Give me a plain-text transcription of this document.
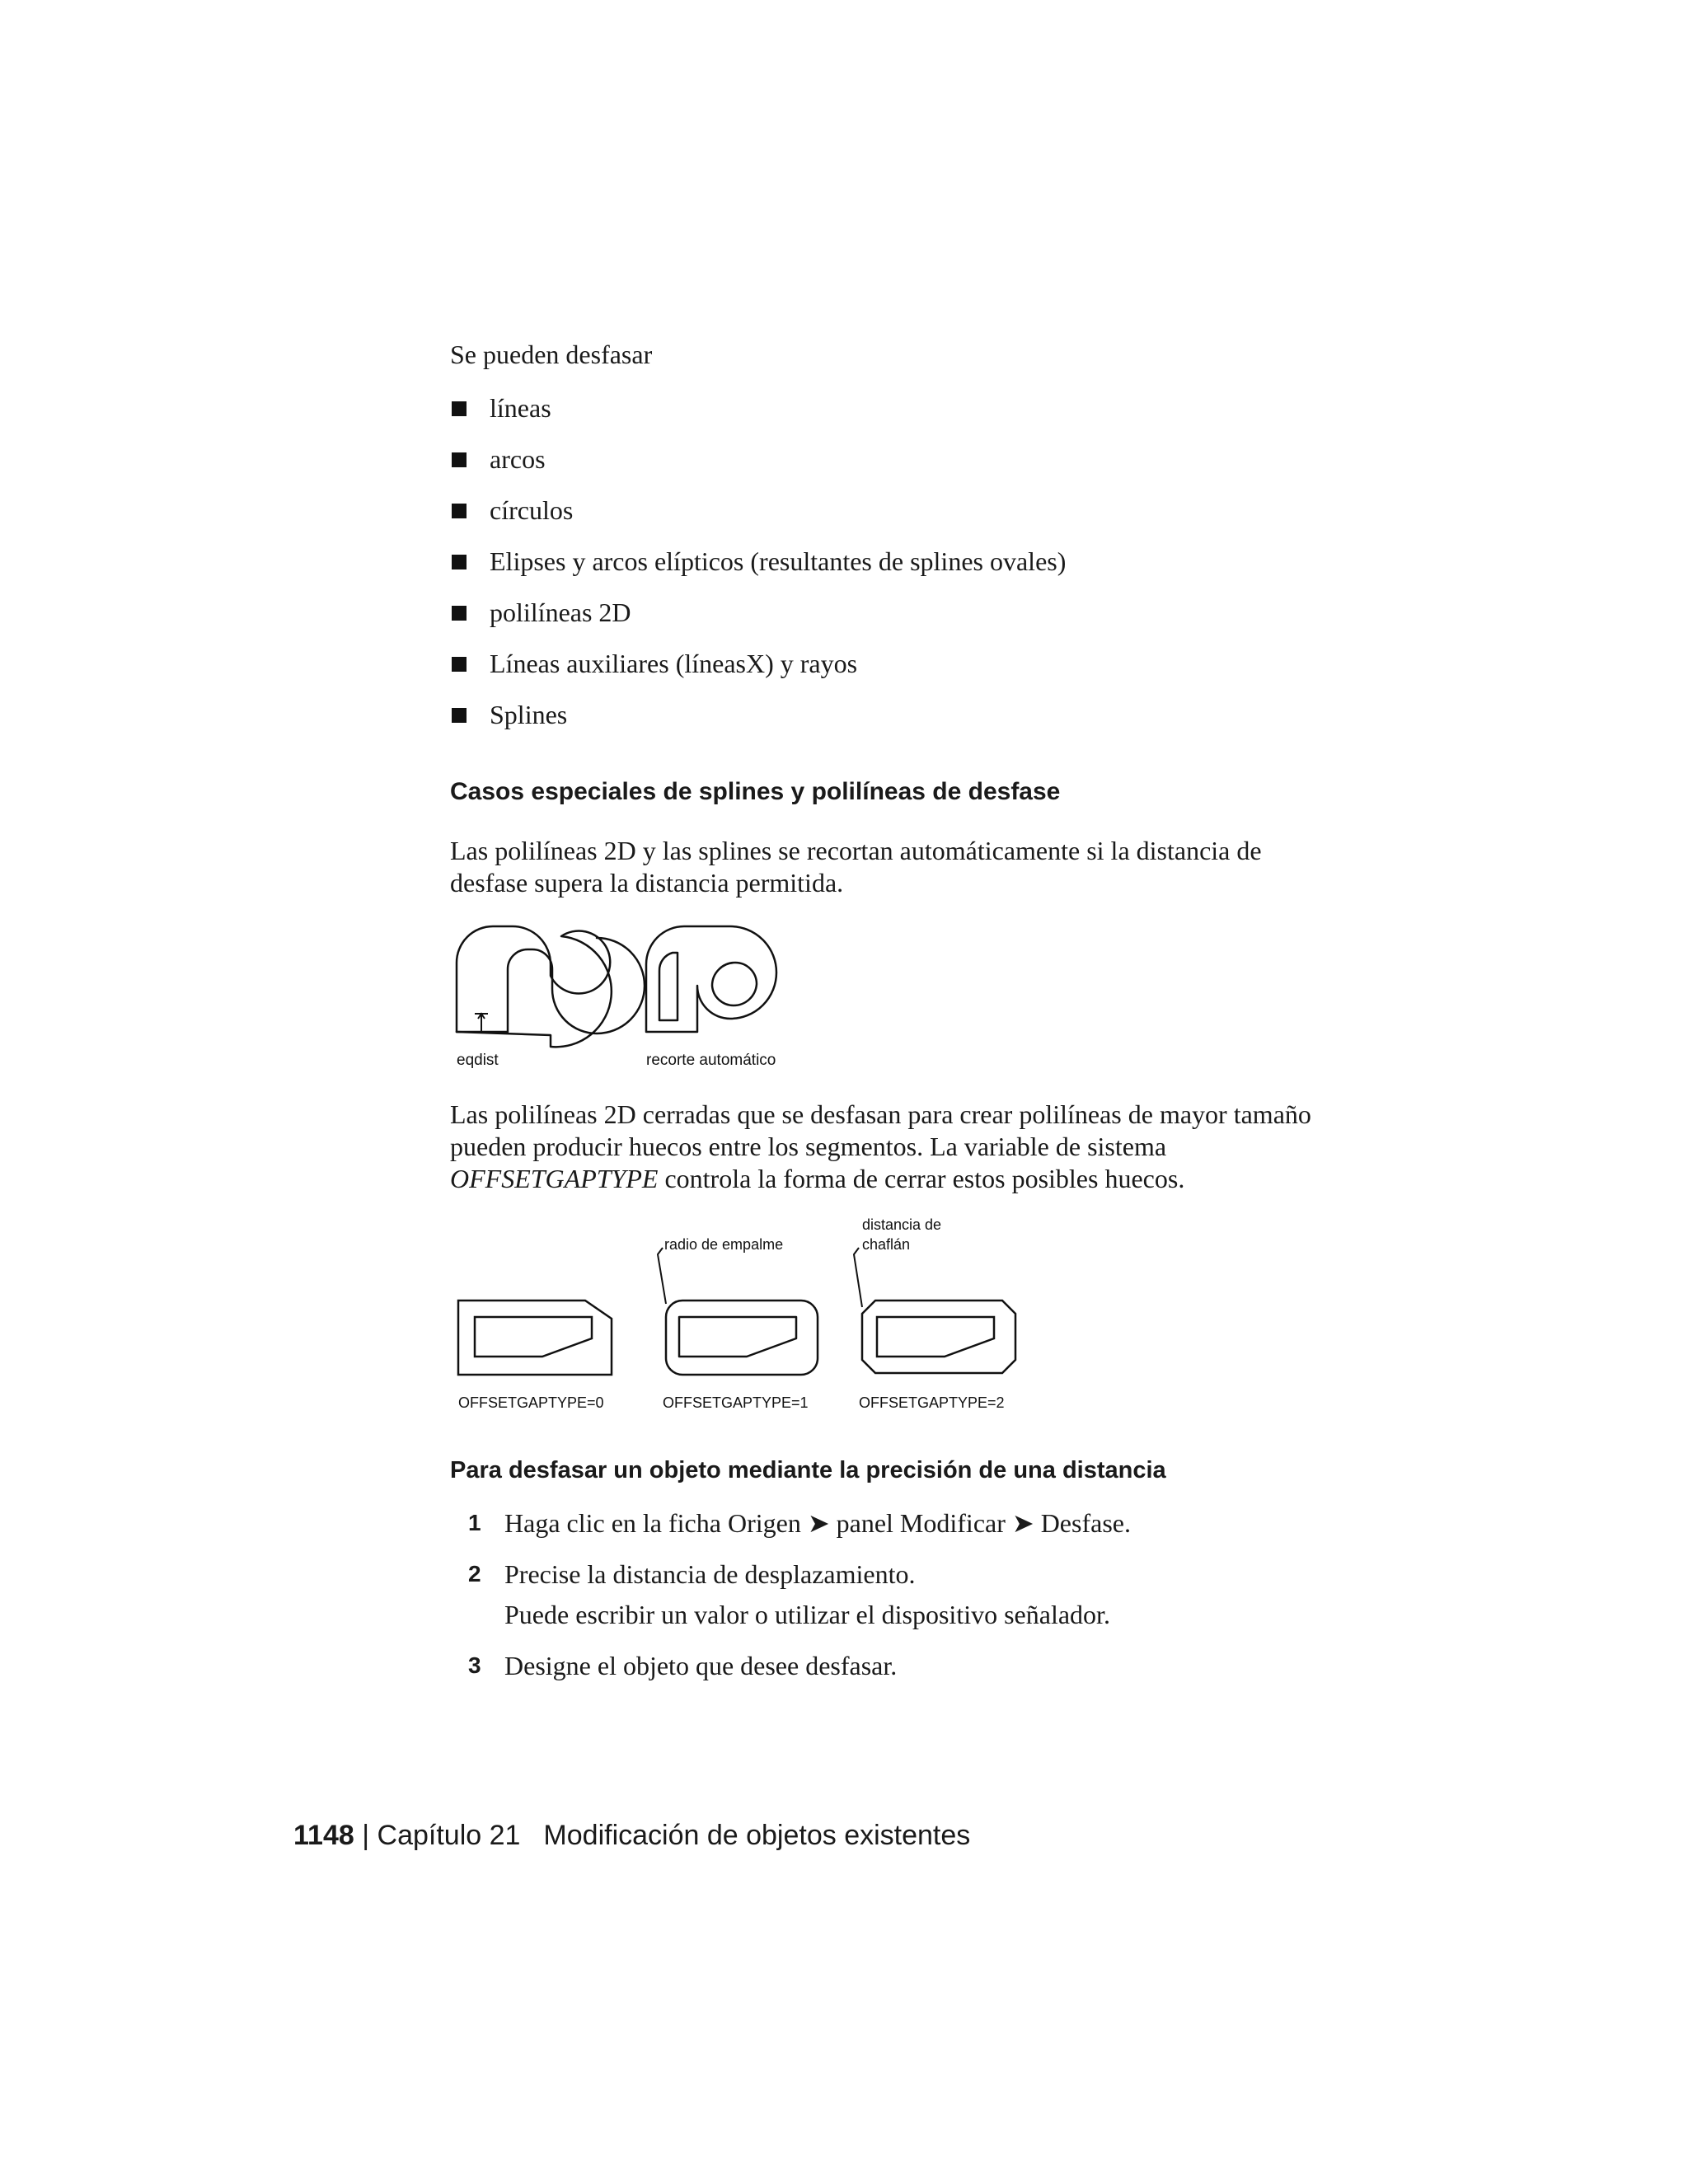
Se pueden desfasar
líneas
arcos
círculos
Elipses y arcos elípticos (resultantes de splines ovales)
polilíneas 2D
Líneas auxiliares (líneasX) y rayos
Splines
Casos especiales de splines y polilíneas de desfase

Las polilíneas 2D y las splines se recortan automáticamente si la distancia de desfase supera la distancia permitida.

eqdist	recorte automático

Las polilíneas 2D cerradas que se desfasan para crear polilíneas de mayor tamaño pueden producir huecos entre los segmentos. La variable de sistema OFFSETGAPTYPE controla la forma de cerrar estos posibles huecos.

radio de empalme
distancia de
chaflán
OFFSETGAPTYPE=0	OFFSETGAPTYPE=1	OFFSETGAPTYPE=2
Para desfasar un objeto mediante la precisión de una distancia
1 Haga clic en la ficha Origen ➤ panel Modificar ➤ Desfase.
2 Precise la distancia de desplazamiento.
Puede escribir un valor o utilizar el dispositivo señalador.
3 Designe el objeto que desee desfasar.
1148 | Capítulo 21 Modificación de objetos existentes
